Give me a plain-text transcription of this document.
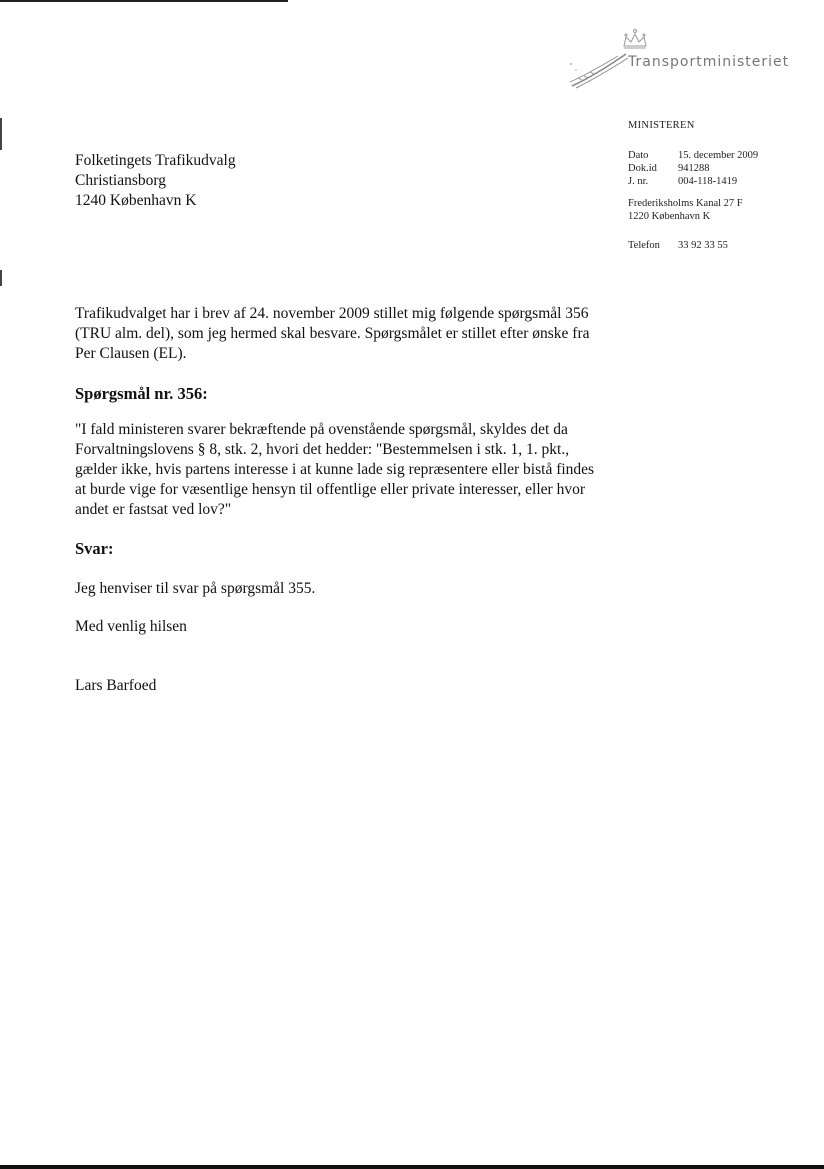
Transportministeriet
MINISTEREN
Dato	15. december 2009
Dok.id 941288
J. nr.	004-118-1419
Frederiksholms Kanal 27 F
1220 København K
Telefon 33 92 33 55
Folketingets Trafikudvalg
Christiansborg
1240 København K

Trafikudvalget har i brev af 24. november 2009 stillet mig følgende spørgsmål 356 (TRU alm. del), som jeg hermed skal besvare. Spørgsmålet er stillet efter ønske fra Per Clausen (EL).

Spørgsmål nr. 356:

"I fald ministeren svarer bekræftende på ovenstående spørgsmål, skyldes det da Forvaltningslovens § 8, stk. 2, hvori det hedder: "Bestemmelsen i stk. 1, 1. pkt., gælder ikke, hvis partens interesse i at kunne lade sig repræsentere eller bistå findes at burde vige for væsentlige hensyn til offentlige eller private interesser, eller hvor andet er fastsat ved lov?"

Svar:

Jeg henviser til svar på spørgsmål 355.

Med venlig hilsen

Lars Barfoed
